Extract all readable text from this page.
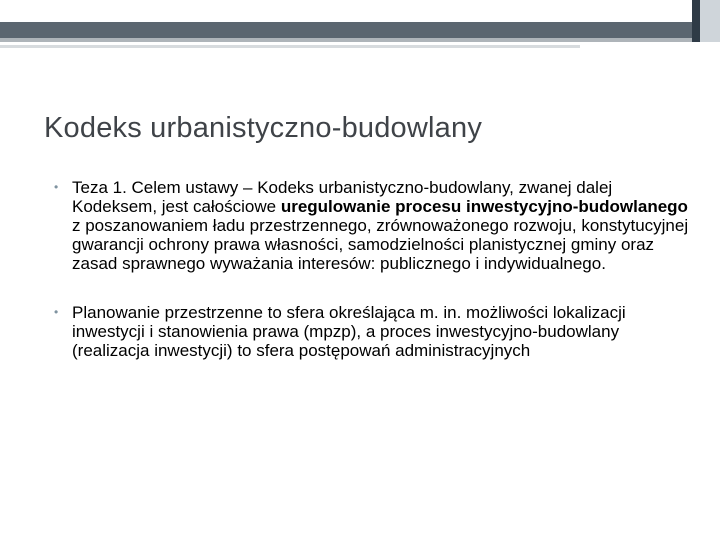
Kodeks urbanistyczno-budowlany
• Teza 1. Celem ustawy – Kodeks urbanistyczno-budowlany, zwanej dalej Kodeksem, jest całościowe uregulowanie procesu inwestycyjno-budowlanego z poszanowaniem ładu przestrzennego, zrównoważonego rozwoju, konstytucyjnej gwarancji ochrony prawa własności, samodzielności planistycznej gminy oraz zasad sprawnego wyważania interesów: publicznego i indywidualnego.
• Planowanie przestrzenne to sfera określająca m. in. możliwości lokalizacji inwestycji i stanowienia prawa (mpzp), a proces inwestycyjno-budowlany (realizacja inwestycji) to sfera postępowań administracyjnych
